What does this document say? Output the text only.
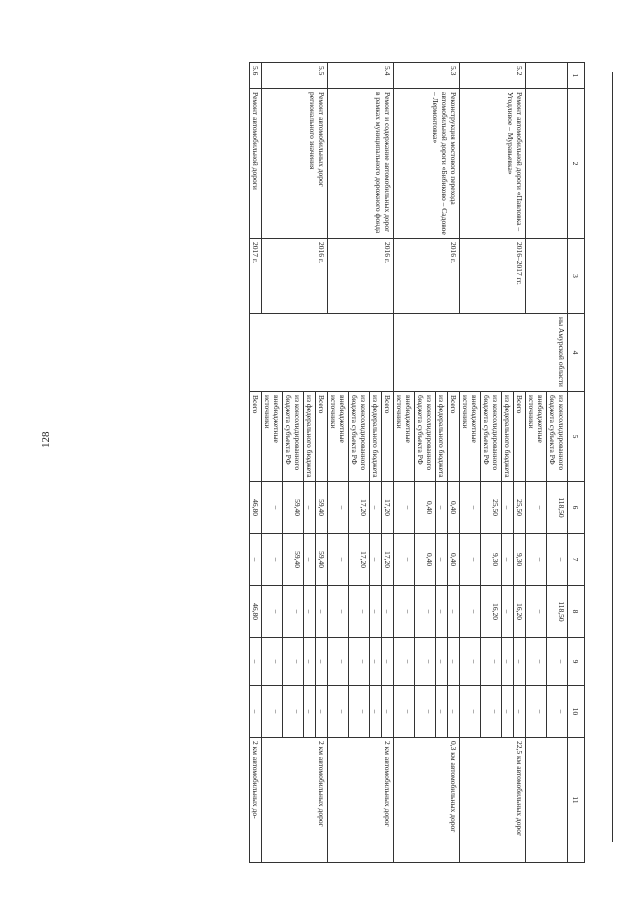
128
1	2	3	4	5	6	7	8	9	10	11
			ны Амурской области	из консолидированного бюджета субъекта РФ	118,50	–	118,50	–	–	
				внебюджетные источники	–	–	–	–	–	
5.2	Ремонт автомобильной дороги «Павловка – Угодливое – Муравьевка»	2016–2017 гг.		Всего	25,50	9,30	16,20	–	–	22,5 км автомобильных дорог
				из федерального бюджета	–	–	–	–	–	
				из консолидированного бюджета субъекта РФ	25,50	9,30	16,20	–	–	
				внебюджетные источники	–	–	–	–	–	
5.3	Реконструкция мостового перехода автомобильной дороги «Бибиково – Садовое – Лермонтовка»	2016 г.		Всего	0,40	0,40	–	–	–	0,3 км автомобильных дорог
				из федерального бюджета	–	–	–	–	–	
				из консолидированного бюджета субъекта РФ	0,40	0,40	–	–	–	
				внебюджетные источники	–	–	–	–	–	
5.4	Ремонт и содержание автомобильных дорог в рамках муниципального дорожного фонда	2016 г.		Всего	17,20	17,20	–	–	–	2 км автомобильных дорог
				из федерального бюджета	–	–	–	–	–	
				из консолидированного бюджета субъекта РФ	17,20	17,20	–	–	–	
				внебюджетные источники	–	–	–	–	–	
5.5	Ремонт автомобильных дорог регионального значения	2016 г.		Всего	59,40	59,40	–	–	–	2 км автомобильных дорог
				из федерального бюджета	–	–	–	–	–	
				из консолидированного бюджета субъекта РФ	59,40	59,40	–	–	–	
				внебюджетные источники	–	–	–	–	–	
5.6	Ремонт автомобильной дороги	2017 г.		Всего	46,80	–	46,80	–	–	2 км автомобильных до-
